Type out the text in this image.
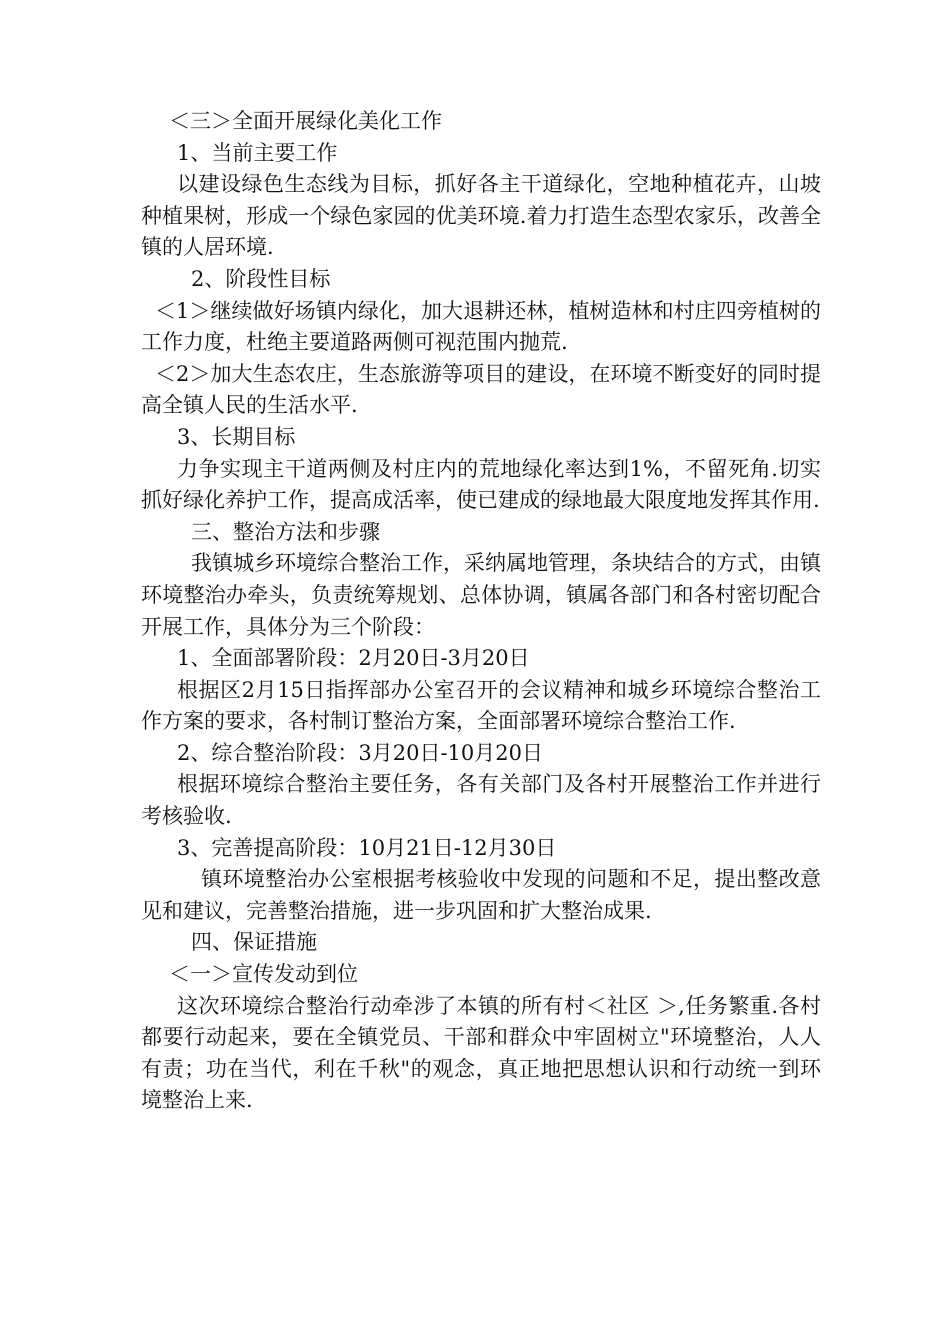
＜三＞全面开展绿化美化工作

1、当前主要工作

以建设绿色生态线为目标，抓好各主干道绿化，空地种植花卉，山坡种植果树，形成一个绿色家园的优美环境.着力打造生态型农家乐，改善全镇的人居环境.

2、阶段性目标

＜1＞继续做好场镇内绿化，加大退耕还林，植树造林和村庄四旁植树的工作力度，杜绝主要道路两侧可视范围内抛荒.

＜2＞加大生态农庄，生态旅游等项目的建设，在环境不断变好的同时提高全镇人民的生活水平.

3、长期目标

力争实现主干道两侧及村庄内的荒地绿化率达到1%，不留死角.切实抓好绿化养护工作，提高成活率，使已建成的绿地最大限度地发挥其作用.

三、整治方法和步骤

我镇城乡环境综合整治工作，采纳属地管理，条块结合的方式，由镇环境整治办牵头，负责统筹规划、总体协调，镇属各部门和各村密切配合开展工作，具体分为三个阶段：

1、全面部署阶段：2月20日-3月20日

根据区2月15日指挥部办公室召开的会议精神和城乡环境综合整治工作方案的要求，各村制订整治方案，全面部署环境综合整治工作.

2、综合整治阶段：3月20日-10月20日

根据环境综合整治主要任务，各有关部门及各村开展整治工作并进行考核验收.

3、完善提高阶段：10月21日-12月30日

镇环境整治办公室根据考核验收中发现的问题和不足，提出整改意见和建议，完善整治措施，进一步巩固和扩大整治成果.

四、保证措施

＜一＞宣传发动到位

这次环境综合整治行动牵涉了本镇的所有村＜社区 ＞,任务繁重.各村都要行动起来，要在全镇党员、干部和群众中牢固树立"环境整治，人人有责；功在当代，利在千秋"的观念，真正地把思想认识和行动统一到环境整治上来.
